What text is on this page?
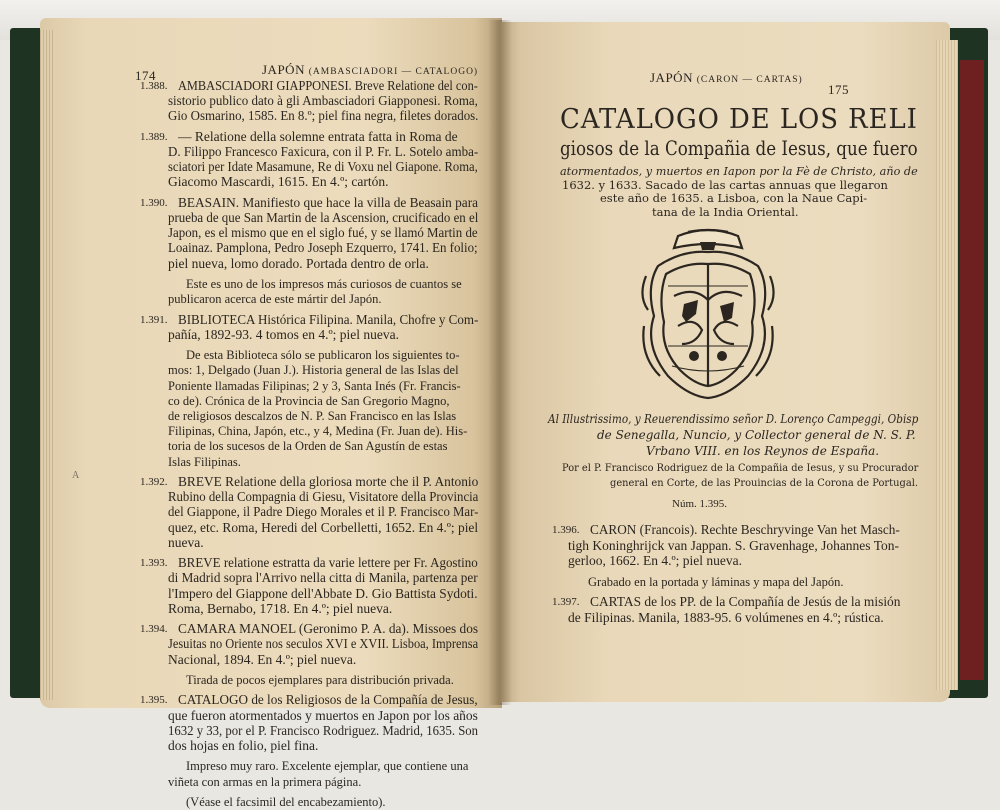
174	JAPÓN (AMBASCIADORI — CATALOGO)
1.388. AMBASCIADORI GIAPPONESI. Breve Relatione del con-
sistorio publico dato à gli Ambasciadori Giapponesi. Roma,
Gio Osmarino, 1585. En 8.º; piel fina negra, filetes dorados.
1.389. — Relatione della solemne entrata fatta in Roma de
D. Filippo Francesco Faxicura, con il P. Fr. L. Sotelo amba-
sciatori per Idate Masamune, Re di Voxu nel Giapone. Roma,
Giacomo Mascardi, 1615. En 4.º; cartón.
1.390. BEASAIN. Manifiesto que hace la villa de Beasain para
prueba de que San Martin de la Ascension, crucificado en el
Japon, es el mismo que en el siglo fué, y se llamó Martin de
Loainaz. Pamplona, Pedro Joseph Ezquerro, 1741. En folio;
piel nueva, lomo dorado. Portada dentro de orla.
Este es uno de los impresos más curiosos de cuantos se
publicaron acerca de este mártir del Japón.
1.391. BIBLIOTECA Histórica Filipina. Manila, Chofre y Com-
pañía, 1892-93. 4 tomos en 4.º; piel nueva.
De esta Biblioteca sólo se publicaron los siguientes to-
mos: 1, Delgado (Juan J.). Historia general de las Islas del
Poniente llamadas Filipinas; 2 y 3, Santa Inés (Fr. Francis-
co de). Crónica de la Provincia de San Gregorio Magno,
de religiosos descalzos de N. P. San Francisco en las Islas
Filipinas, China, Japón, etc., y 4, Medina (Fr. Juan de). His-
toria de los sucesos de la Orden de San Agustín de estas
Islas Filipinas.
1.392. BREVE Relatione della gloriosa morte che il P. Antonio
Rubino della Compagnia di Giesu, Visitatore della Provincia
del Giappone, il Padre Diego Morales et il P. Francisco Mar-
quez, etc. Roma, Heredi del Corbelletti, 1652. En 4.º; piel
nueva.
1.393. BREVE relatione estratta da varie lettere per Fr. Agostino
di Madrid sopra l'Arrivo nella citta di Manila, partenza per
l'Impero del Giappone dell'Abbate D. Gio Battista Sydoti.
Roma, Bernabo, 1718. En 4.º; piel nueva.
1.394. CAMARA MANOEL (Geronimo P. A. da). Missoes dos
Jesuitas no Oriente nos seculos XVI e XVII. Lisboa, Imprensa
Nacional, 1894. En 4.º; piel nueva.
Tirada de pocos ejemplares para distribución privada.
1.395. CATALOGO de los Religiosos de la Compañía de Jesus,
que fueron atormentados y muertos en Japon por los años
1632 y 33, por el P. Francisco Rodriguez. Madrid, 1635. Son
dos hojas en folio, piel fina.
Impreso muy raro. Excelente ejemplar, que contiene una
viñeta con armas en la primera página.
(Véase el facsimil del encabezamiento).
A
JAPÓN (CARON — CARTAS)
175
CATALOGO DE LOS RELI
giosos de la Compañia de Iesus, que fuero
atormentados, y muertos en Iapon por la Fè de Christo, año de
1632. y 1633. Sacado de las cartas annuas que llegaron
este año de 1635. a Lisboa, con la Naue Capi-
tana de la India Oriental.
Al Illustrissimo, y Reuerendissimo señor D. Lorenço Campeggi, Obisp
de Senegalla, Nuncio, y Collector general de N. S. P.
Vrbano VIII. en los Reynos de España.
Por el P. Francisco Rodriguez de la Compañia de Iesus, y su Procurador
general en Corte, de las Prouincias de la Corona de Portugal.
Núm. 1.395.
1.396. CARON (Francois). Rechte Beschryvinge Van het Masch-
tigh Koninghrijck van Jappan. S. Gravenhage, Johannes Ton-
gerloo, 1662. En 4.º; piel nueva.
Grabado en la portada y láminas y mapa del Japón.
1.397. CARTAS de los PP. de la Compañía de Jesús de la misión
de Filipinas. Manila, 1883-95. 6 volúmenes en 4.º; rústica.
